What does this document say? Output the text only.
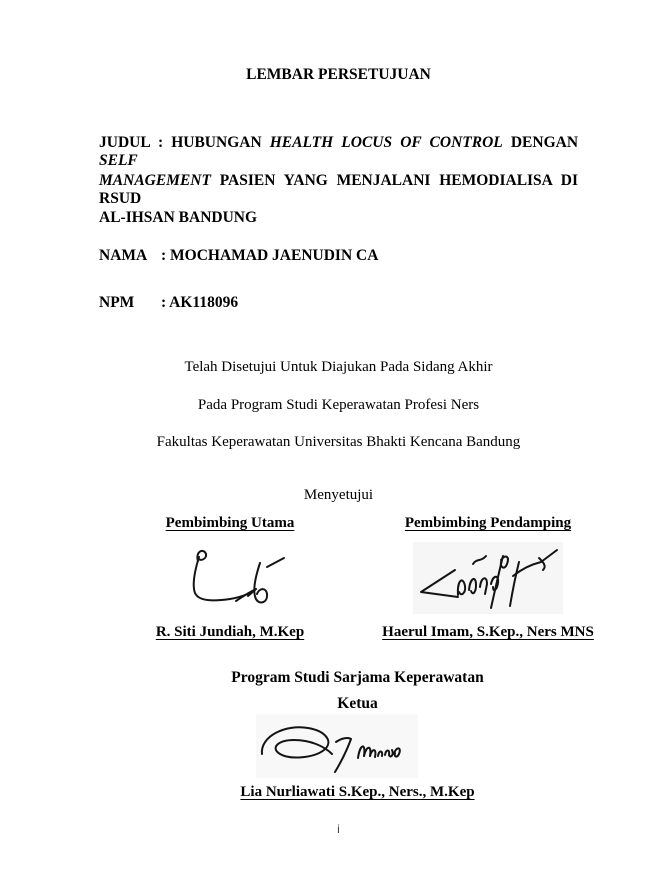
LEMBAR PERSETUJUAN
JUDUL : HUBUNGAN HEALTH LOCUS OF CONTROL DENGAN SELF
MANAGEMENT PASIEN YANG MENJALANI HEMODIALISA DI RSUD
AL-IHSAN BANDUNG
NAMA : MOCHAMAD JAENUDIN CA
NPM : AK118096
Telah Disetujui Untuk Diajukan Pada Sidang Akhir
Pada Program Studi Keperawatan Profesi Ners
Fakultas Keperawatan Universitas Bhakti Kencana Bandung
Menyetujui
Pembimbing Utama	Pembimbing Pendamping
R. Siti Jundiah, M.Kep	Haerul Imam, S.Kep., Ners MNS
Program Studi Sarjama Keperawatan
Ketua
Lia Nurliawati S.Kep., Ners., M.Kep
i
